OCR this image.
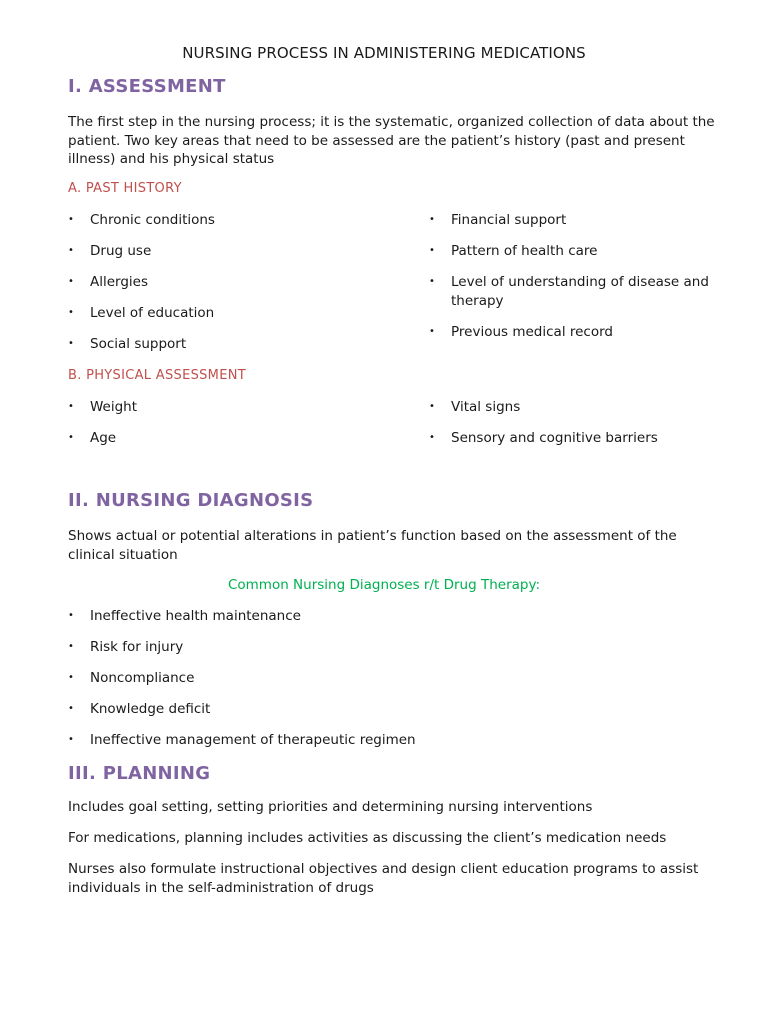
NURSING PROCESS IN ADMINISTERING MEDICATIONS
I. ASSESSMENT
The first step in the nursing process; it is the systematic, organized collection of data about the patient. Two key areas that need to be assessed are the patient’s history (past and present illness) and his physical status
A. PAST HISTORY
• Chronic conditions
• Drug use
• Allergies
• Level of education
• Social support
• Financial support
• Pattern of health care
• Level of understanding of disease and therapy
• Previous medical record
B. PHYSICAL ASSESSMENT
• Weight
• Age
• Vital signs
• Sensory and cognitive barriers
II. NURSING DIAGNOSIS
Shows actual or potential alterations in patient’s function based on the assessment of the clinical situation
Common Nursing Diagnoses r/t Drug Therapy:
• Ineffective health maintenance
• Risk for injury
• Noncompliance
• Knowledge deficit
• Ineffective management of therapeutic regimen
III. PLANNING
Includes goal setting, setting priorities and determining nursing interventions
For medications, planning includes activities as discussing the client’s medication needs
Nurses also formulate instructional objectives and design client education programs to assist individuals in the self-administration of drugs
